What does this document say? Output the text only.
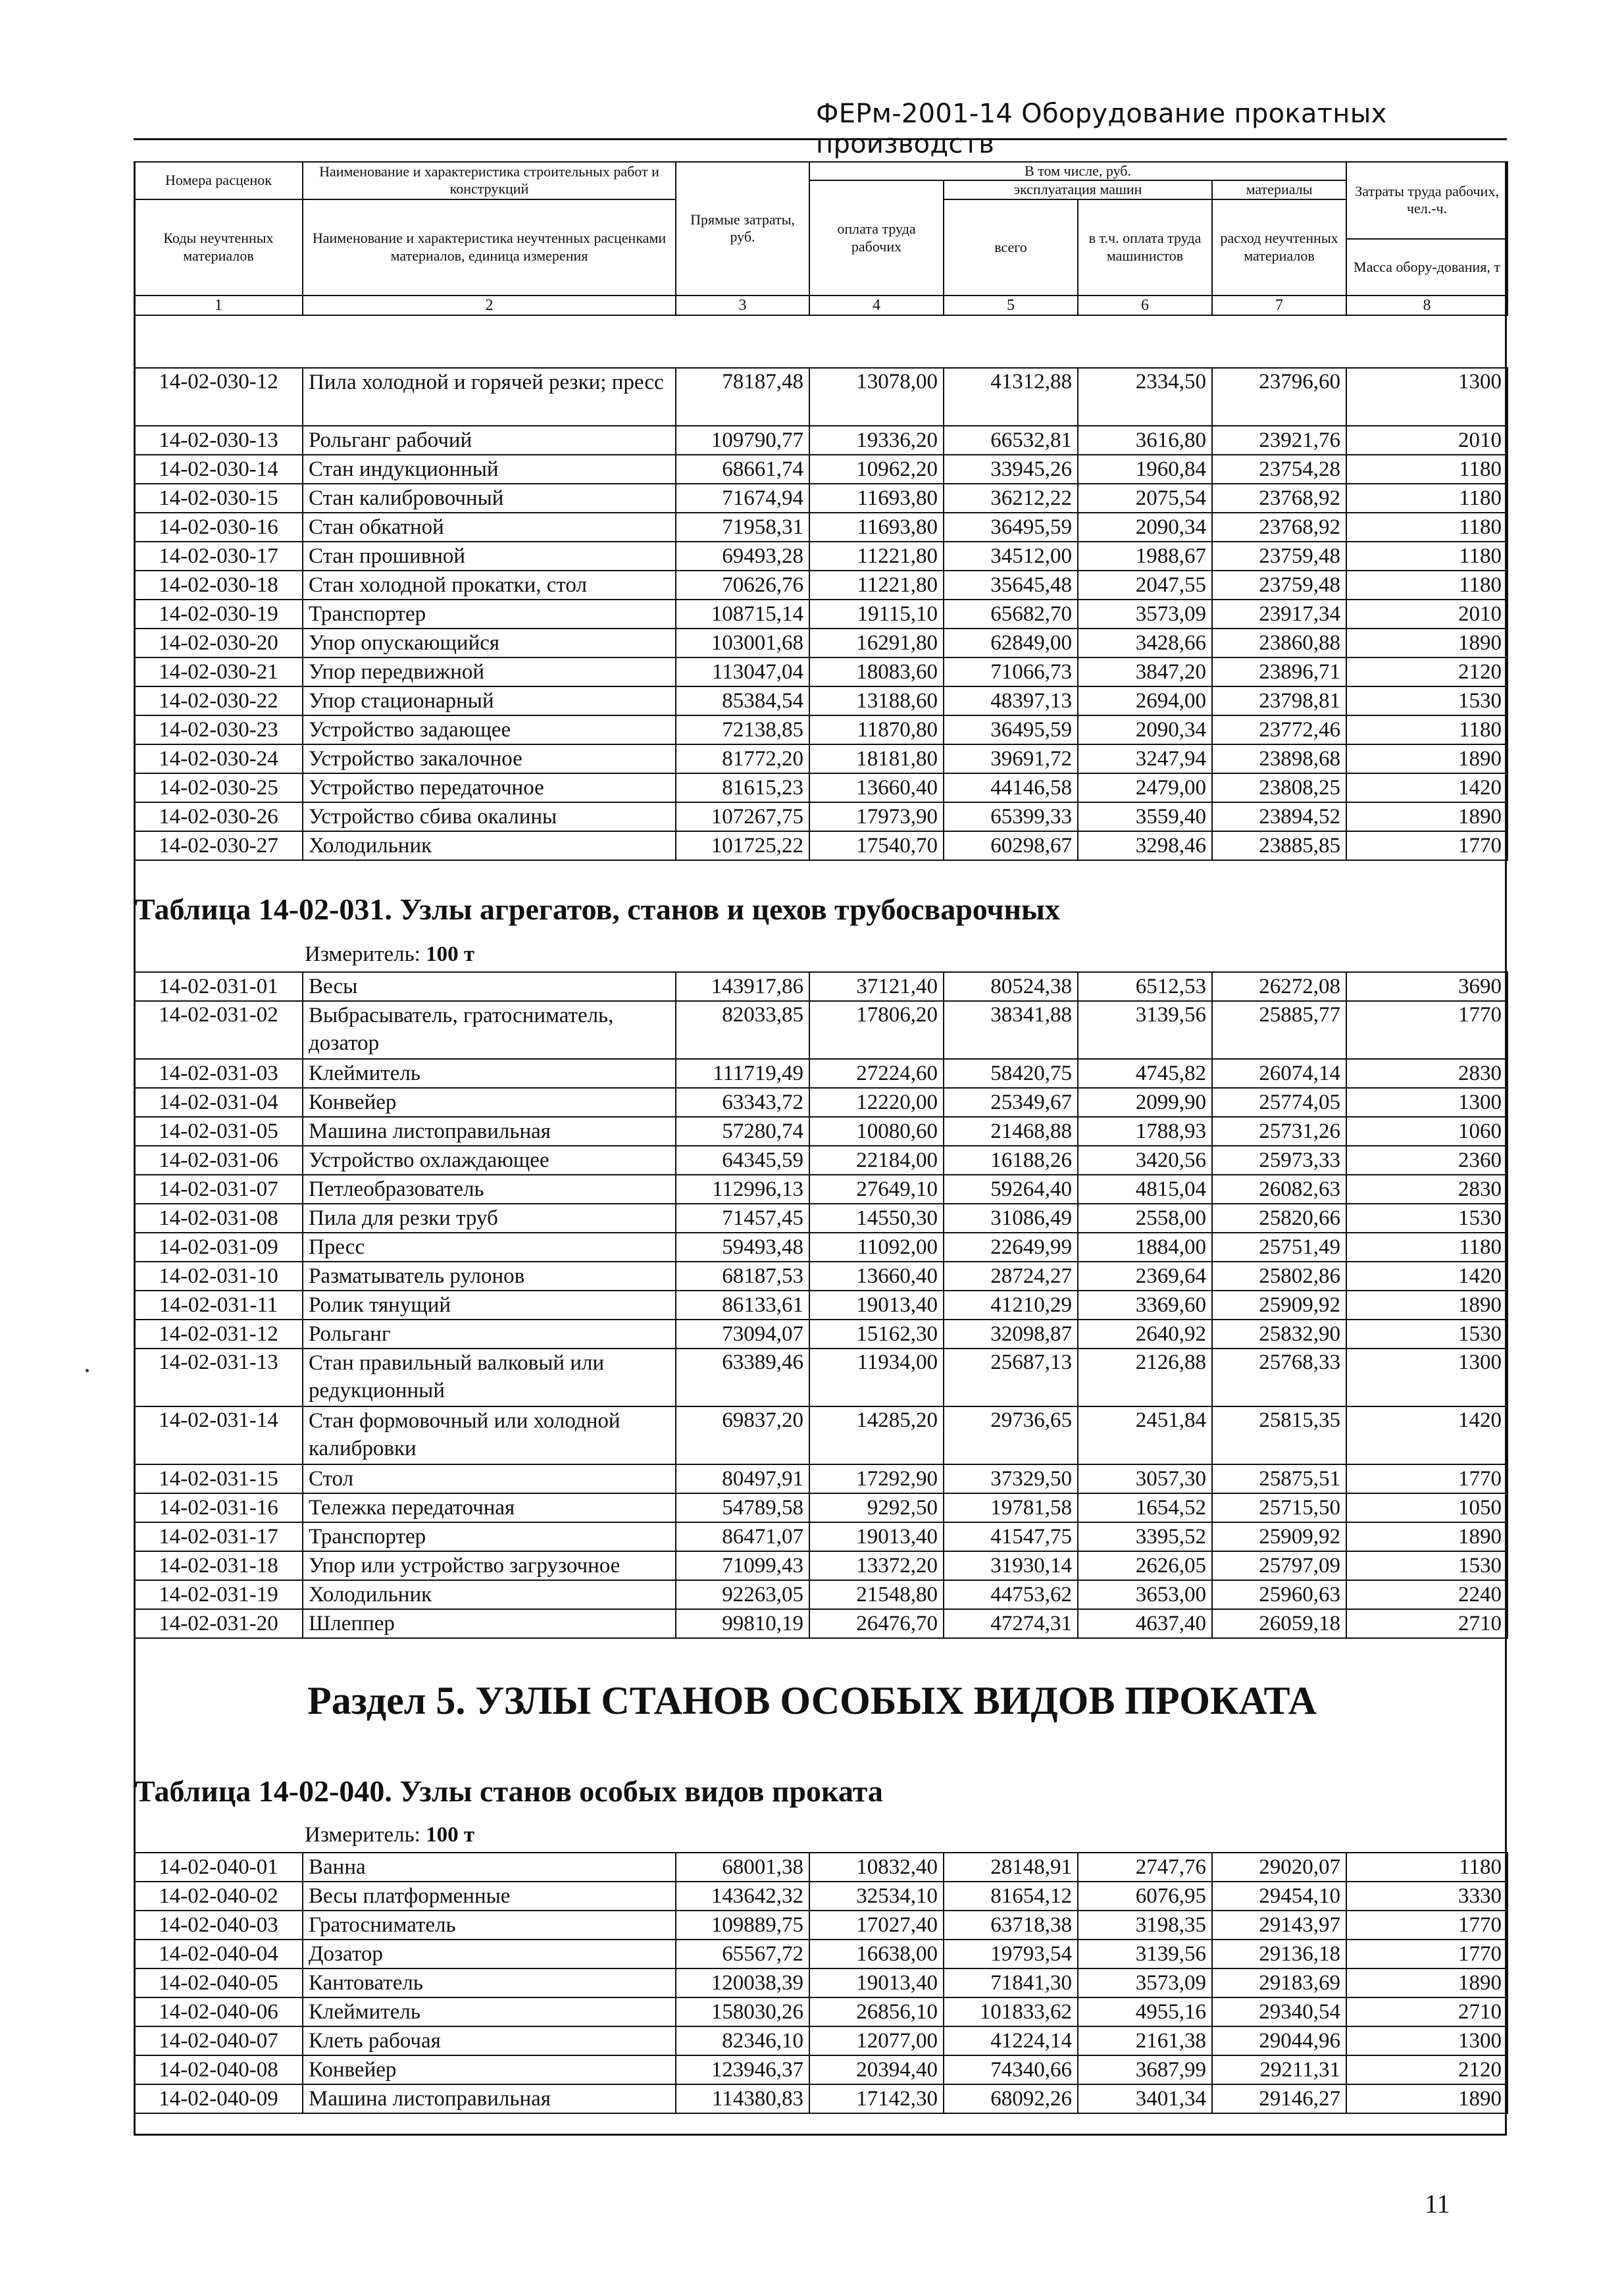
ФЕРм-2001-14 Оборудование прокатных производств
Номера расценок	Наименование и характеристика строительных работ и конструкций	Прямые затраты, руб.	В том числе, руб.				Затраты труда рабочих, чел.-ч.
			оплата труда рабочих	эксплуатация машин		материалы	
Коды неучтенных материалов	Наименование и характеристика неучтенных расценками материалов, единица измерения			всего	в т.ч. оплата труда машинистов	расход неучтенных материалов	
							Масса обору-дования, т
1	2	3	4	5	6	7	8
14-02-030-12	Пила холодной и горячей резки; пресс	78187,48	13078,00	41312,88	2334,50	23796,60	1300
14-02-030-13	Рольганг рабочий	109790,77	19336,20	66532,81	3616,80	23921,76	2010
14-02-030-14	Стан индукционный	68661,74	10962,20	33945,26	1960,84	23754,28	1180
14-02-030-15	Стан калибровочный	71674,94	11693,80	36212,22	2075,54	23768,92	1180
14-02-030-16	Стан обкатной	71958,31	11693,80	36495,59	2090,34	23768,92	1180
14-02-030-17	Стан прошивной	69493,28	11221,80	34512,00	1988,67	23759,48	1180
14-02-030-18	Стан холодной прокатки, стол	70626,76	11221,80	35645,48	2047,55	23759,48	1180
14-02-030-19	Транспортер	108715,14	19115,10	65682,70	3573,09	23917,34	2010
14-02-030-20	Упор опускающийся	103001,68	16291,80	62849,00	3428,66	23860,88	1890
14-02-030-21	Упор передвижной	113047,04	18083,60	71066,73	3847,20	23896,71	2120
14-02-030-22	Упор стационарный	85384,54	13188,60	48397,13	2694,00	23798,81	1530
14-02-030-23	Устройство задающее	72138,85	11870,80	36495,59	2090,34	23772,46	1180
14-02-030-24	Устройство закалочное	81772,20	18181,80	39691,72	3247,94	23898,68	1890
14-02-030-25	Устройство передаточное	81615,23	13660,40	44146,58	2479,00	23808,25	1420
14-02-030-26	Устройство сбива окалины	107267,75	17973,90	65399,33	3559,40	23894,52	1890
14-02-030-27	Холодильник	101725,22	17540,70	60298,67	3298,46	23885,85	1770
Таблица 14-02-031. Узлы агрегатов, станов и цехов трубосварочных
Измеритель: 100 т
14-02-031-01	Весы	143917,86	37121,40	80524,38	6512,53	26272,08	3690
14-02-031-02	Выбрасыватель, гратосниматель, дозатор	82033,85	17806,20	38341,88	3139,56	25885,77	1770
14-02-031-03	Клеймитель	111719,49	27224,60	58420,75	4745,82	26074,14	2830
14-02-031-04	Конвейер	63343,72	12220,00	25349,67	2099,90	25774,05	1300
14-02-031-05	Машина листоправильная	57280,74	10080,60	21468,88	1788,93	25731,26	1060
14-02-031-06	Устройство охлаждающее	64345,59	22184,00	16188,26	3420,56	25973,33	2360
14-02-031-07	Петлеобразователь	112996,13	27649,10	59264,40	4815,04	26082,63	2830
14-02-031-08	Пила для резки труб	71457,45	14550,30	31086,49	2558,00	25820,66	1530
14-02-031-09	Пресс	59493,48	11092,00	22649,99	1884,00	25751,49	1180
14-02-031-10	Разматыватель рулонов	68187,53	13660,40	28724,27	2369,64	25802,86	1420
14-02-031-11	Ролик тянущий	86133,61	19013,40	41210,29	3369,60	25909,92	1890
14-02-031-12	Рольганг	73094,07	15162,30	32098,87	2640,92	25832,90	1530
14-02-031-13	Стан правильный валковый или редукционный	63389,46	11934,00	25687,13	2126,88	25768,33	1300
14-02-031-14	Стан формовочный или холодной калибровки	69837,20	14285,20	29736,65	2451,84	25815,35	1420
14-02-031-15	Стол	80497,91	17292,90	37329,50	3057,30	25875,51	1770
14-02-031-16	Тележка передаточная	54789,58	9292,50	19781,58	1654,52	25715,50	1050
14-02-031-17	Транспортер	86471,07	19013,40	41547,75	3395,52	25909,92	1890
14-02-031-18	Упор или устройство загрузочное	71099,43	13372,20	31930,14	2626,05	25797,09	1530
14-02-031-19	Холодильник	92263,05	21548,80	44753,62	3653,00	25960,63	2240
14-02-031-20	Шлеппер	99810,19	26476,70	47274,31	4637,40	26059,18	2710
Раздел 5. УЗЛЫ СТАНОВ ОСОБЫХ ВИДОВ ПРОКАТА
Таблица 14-02-040. Узлы станов особых видов проката
Измеритель: 100 т
14-02-040-01	Ванна	68001,38	10832,40	28148,91	2747,76	29020,07	1180
14-02-040-02	Весы платформенные	143642,32	32534,10	81654,12	6076,95	29454,10	3330
14-02-040-03	Гратосниматель	109889,75	17027,40	63718,38	3198,35	29143,97	1770
14-02-040-04	Дозатор	65567,72	16638,00	19793,54	3139,56	29136,18	1770
14-02-040-05	Кантователь	120038,39	19013,40	71841,30	3573,09	29183,69	1890
14-02-040-06	Клеймитель	158030,26	26856,10	101833,62	4955,16	29340,54	2710
14-02-040-07	Клеть рабочая	82346,10	12077,00	41224,14	2161,38	29044,96	1300
14-02-040-08	Конвейер	123946,37	20394,40	74340,66	3687,99	29211,31	2120
14-02-040-09	Машина листоправильная	114380,83	17142,30	68092,26	3401,34	29146,27	1890
11
